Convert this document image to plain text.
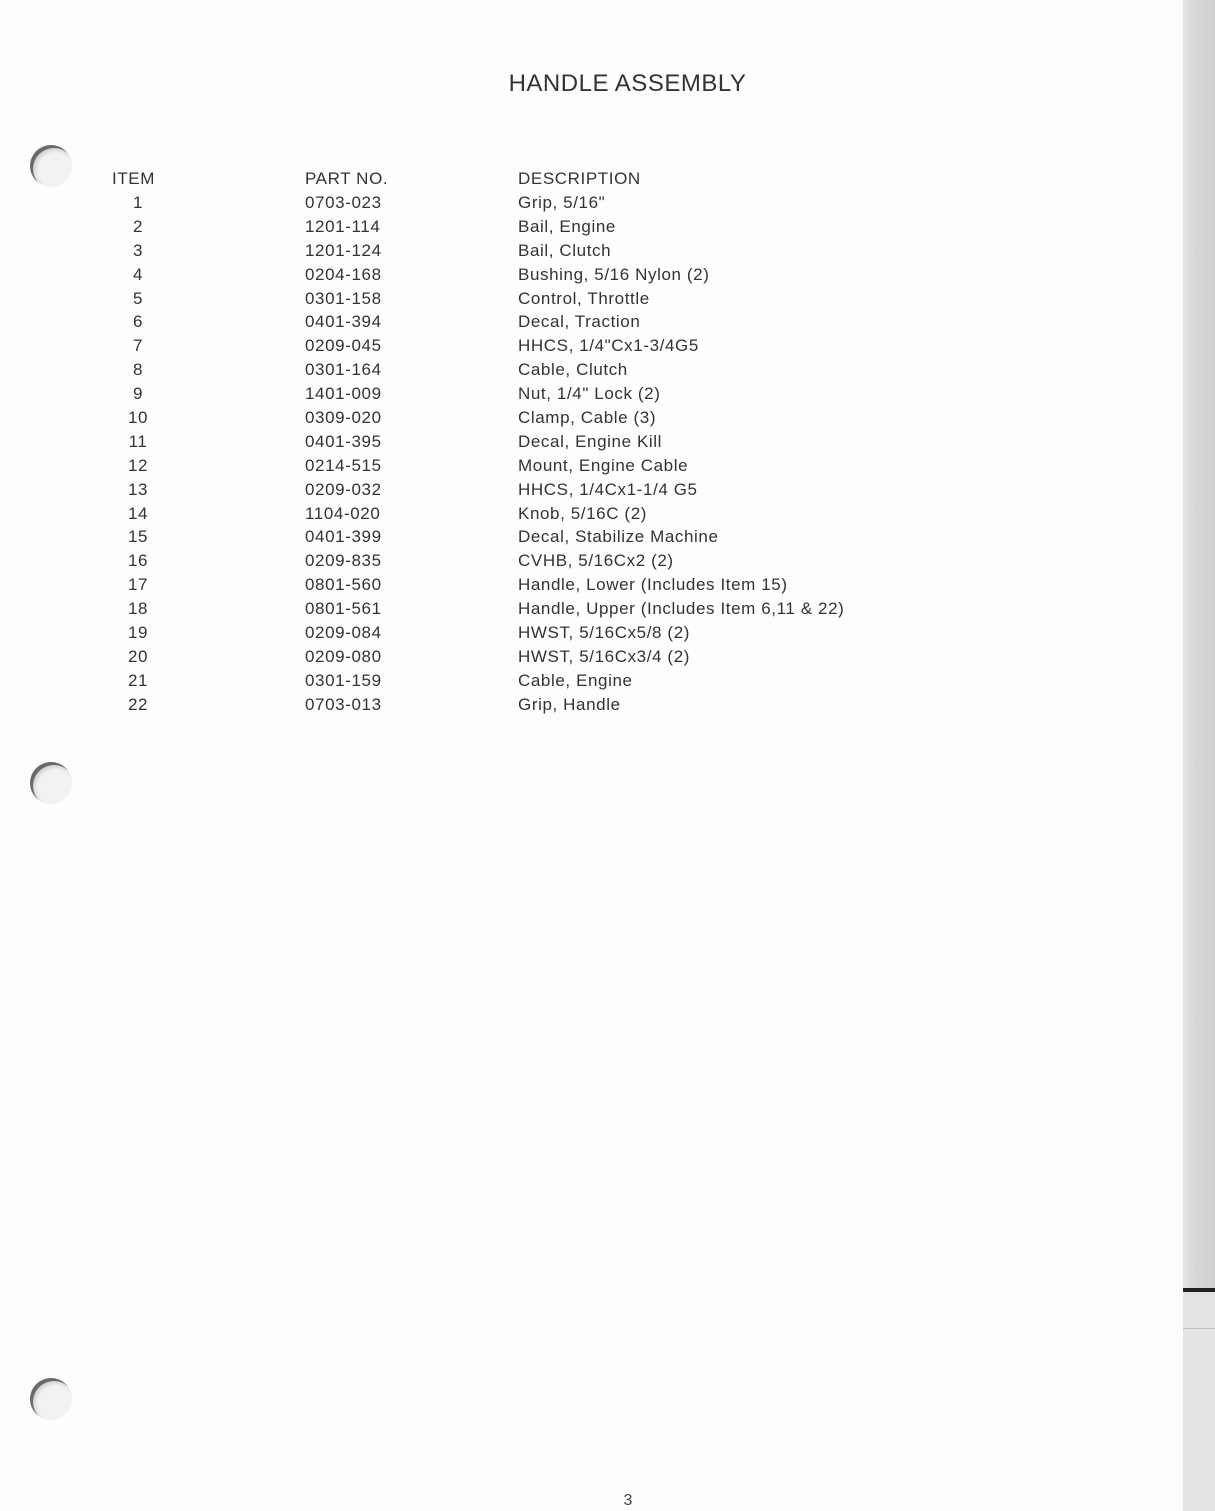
HANDLE ASSEMBLY
ITEM	PART NO.	DESCRIPTION
1	0703-023	Grip, 5/16"
2	1201-114	Bail, Engine
3	1201-124	Bail, Clutch
4	0204-168	Bushing, 5/16 Nylon (2)
5	0301-158	Control, Throttle
6	0401-394	Decal, Traction
7	0209-045	HHCS, 1/4"Cx1-3/4G5
8	0301-164	Cable, Clutch
9	1401-009	Nut, 1/4" Lock (2)
10	0309-020	Clamp, Cable (3)
11	0401-395	Decal, Engine Kill
12	0214-515	Mount, Engine Cable
13	0209-032	HHCS, 1/4Cx1-1/4 G5
14	1104-020	Knob, 5/16C (2)
15	0401-399	Decal, Stabilize Machine
16	0209-835	CVHB, 5/16Cx2 (2)
17	0801-560	Handle, Lower (Includes Item 15)
18	0801-561	Handle, Upper (Includes Item 6,11 & 22)
19	0209-084	HWST, 5/16Cx5/8 (2)
20	0209-080	HWST, 5/16Cx3/4 (2)
21	0301-159	Cable, Engine
22	0703-013	Grip, Handle
3
